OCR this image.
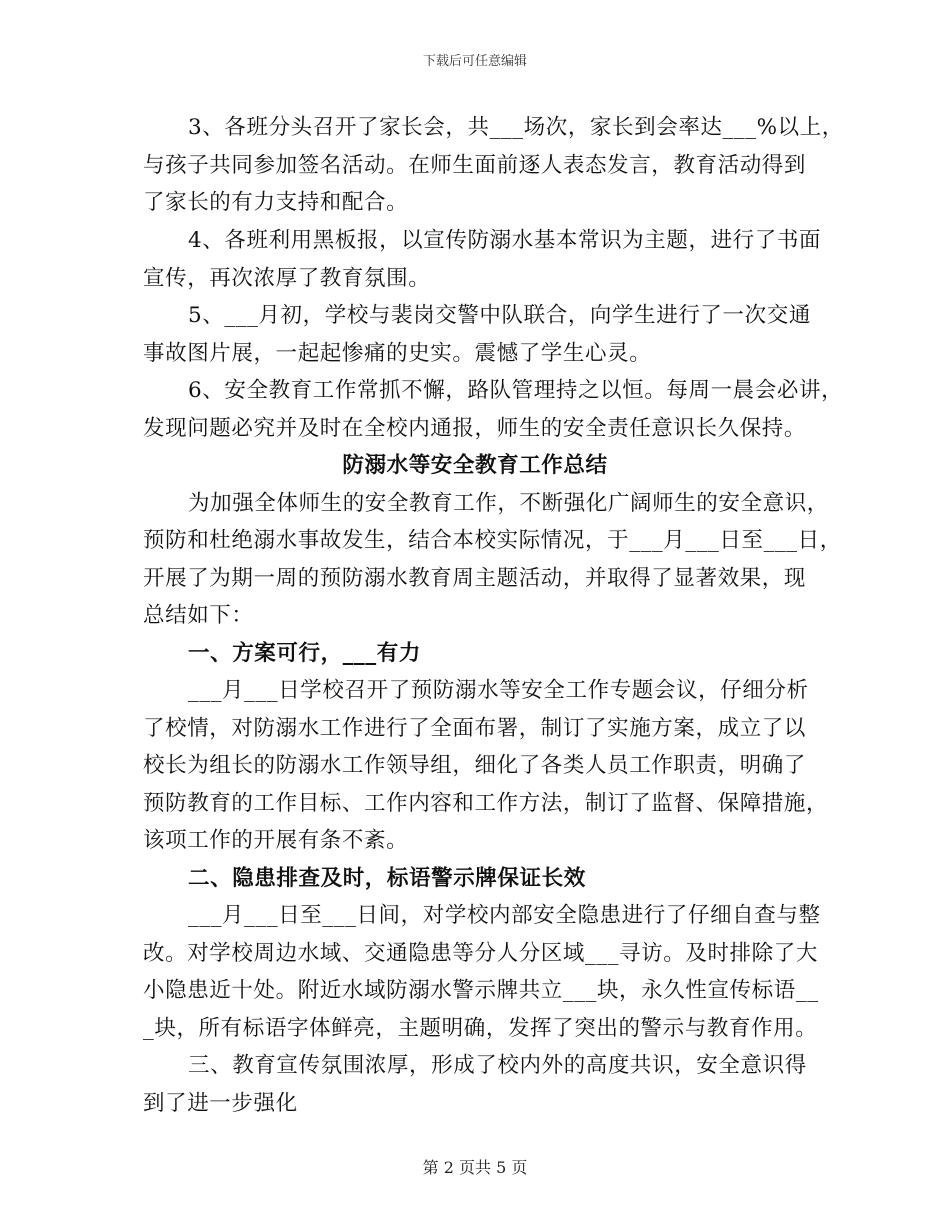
下载后可任意编辑
3、各班分头召开了家长会，共___场次，家长到会率达___%以上，
与孩子共同参加签名活动。在师生面前逐人表态发言，教育活动得到
了家长的有力支持和配合。
4、各班利用黑板报，以宣传防溺水基本常识为主题，进行了书面
宣传，再次浓厚了教育氛围。
5、___月初，学校与裴岗交警中队联合，向学生进行了一次交通
事故图片展，一起起惨痛的史实。震憾了学生心灵。
6、安全教育工作常抓不懈，路队管理持之以恒。每周一晨会必讲，
发现问题必究并及时在全校内通报，师生的安全责任意识长久保持。
防溺水等安全教育工作总结
为加强全体师生的安全教育工作，不断强化广阔师生的安全意识，
预防和杜绝溺水事故发生，结合本校实际情况，于___月___日至___日，
开展了为期一周的预防溺水教育周主题活动，并取得了显著效果，现
总结如下：
一、方案可行，___有力
___月___日学校召开了预防溺水等安全工作专题会议，仔细分析
了校情，对防溺水工作进行了全面布署，制订了实施方案，成立了以
校长为组长的防溺水工作领导组，细化了各类人员工作职责，明确了
预防教育的工作目标、工作内容和工作方法，制订了监督、保障措施，
该项工作的开展有条不紊。
二、隐患排查及时，标语警示牌保证长效
___月___日至___日间，对学校内部安全隐患进行了仔细自查与整
改。对学校周边水域、交通隐患等分人分区域___寻访。及时排除了大
小隐患近十处。附近水域防溺水警示牌共立___块，永久性宣传标语__
_块，所有标语字体鲜亮，主题明确，发挥了突出的警示与教育作用。
三、教育宣传氛围浓厚，形成了校内外的高度共识，安全意识得
到了进一步强化
第 2 页共 5 页
